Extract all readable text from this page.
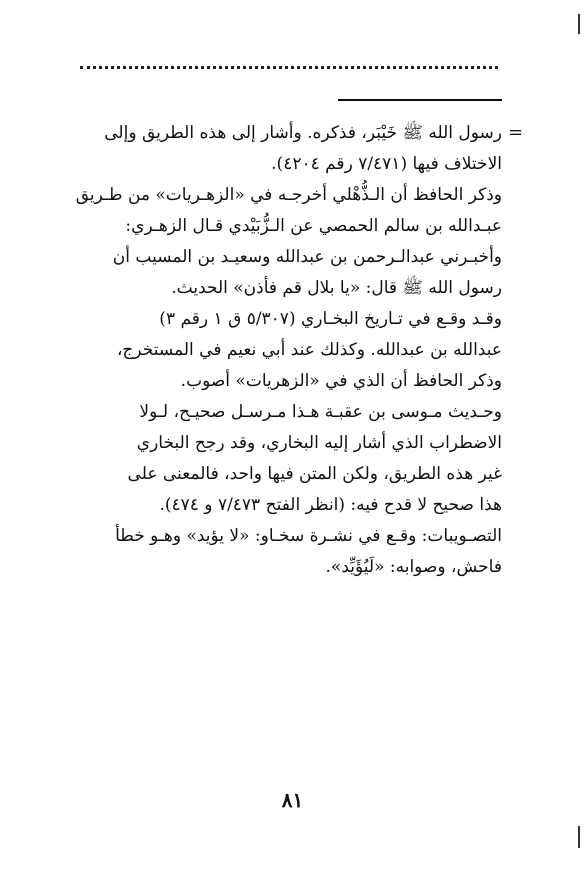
=
رسول الله ﷺ خَيْبَر، فذكره. وأشار إلى هذه الطريق وإلى
الاختلاف فيها (٧/٤٧١ رقم ٤٢٠٤).
وذكر الحافظ أن الـذُّهْلي أخرجـه في «الزهـريات» من طـريق
عبـدالله بن سالم الحمصي عن الـزُّبَيْدي قـال الزهـري:
وأخبـرني عبدالـرحمن بن عبدالله وسعيـد بن المسيب أن
رسول الله ﷺ قال: «يا بلال قم فأذن» الحديث.
وقـد وقـع في تـاريخ البخـاري (٥/٣٠٧ ق ١ رقم ٣)
عبدالله بن عبدالله. وكذلك عند أبي نعيم في المستخرج،
وذكر الحافظ أن الذي في «الزهريات» أصوب.
وحـديث مـوسى بن عقبـة هـذا مـرسـل صحيـح، لـولا
الاضطراب الذي أشار إليه البخاري، وقد رجح البخاري
غير هذه الطريق، ولكن المتن فيها واحد، فالمعنى على
هذا صحيح لا قدح فيه: (انظر الفتح ٧/٤٧٣ و ٤٧٤).
التصـويبات: وقـع في نشـرة سخـاو: «لا يؤيد» وهـو خطأ
فاحش، وصوابه: «لَيُؤَيِّد».
٨١
